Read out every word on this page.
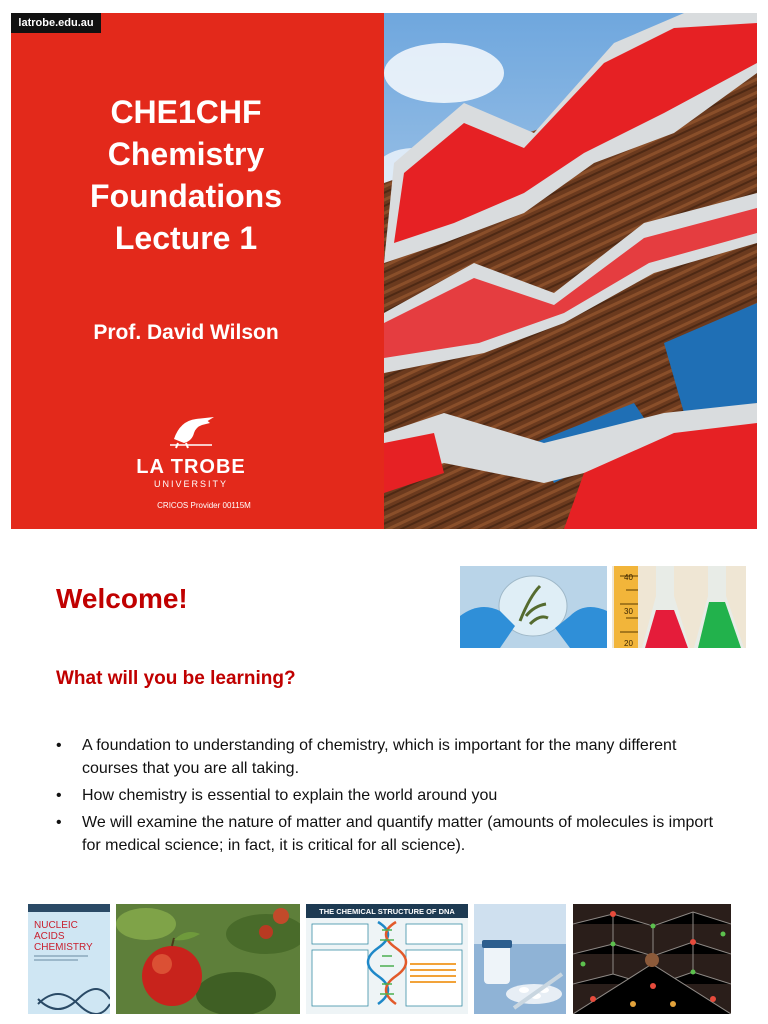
latrobe.edu.au
CHE1CHF
Chemistry
Foundations
Lecture 1
Prof. David Wilson
LA TROBE
UNIVERSITY
CRICOS Provider 00115M
Welcome!
What will you be learning?
• A foundation to understanding of chemistry, which is important for the many different courses that you are all taking.
• How chemistry is essential to explain the world around you
• We will examine the nature of matter and quantify matter (amounts of molecules is import for medical science; in fact, it is critical for all science).
40
30
20
NUCLEIC
ACIDS
CHEMISTRY
THE CHEMICAL STRUCTURE OF DNA
